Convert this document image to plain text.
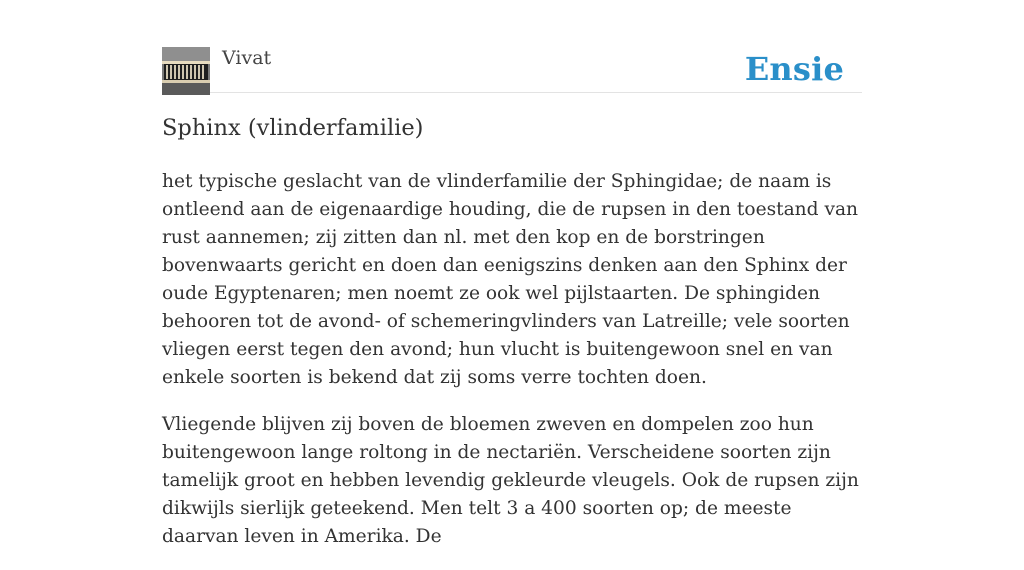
Vivat	Ensie
Sphinx (vlinderfamilie)

het typische geslacht van de vlinderfamilie der Sphingidae; de naam is ontleend aan de eigenaardige houding, die de rupsen in den toestand van rust aannemen; zij zitten dan nl. met den kop en de borstringen bovenwaarts gericht en doen dan eenigszins denken aan den Sphinx der oude Egyptenaren; men noemt ze ook wel pijlstaarten. De sphingiden behooren tot de avond- of schemeringvlinders van Latreille; vele soorten vliegen eerst tegen den avond; hun vlucht is buitengewoon snel en van enkele soorten is bekend dat zij soms verre tochten doen.

Vliegende blijven zij boven de bloemen zweven en dompelen zoo hun buitengewoon lange roltong in de nectariën. Verscheidene soorten zijn tamelijk groot en hebben levendig gekleurde vleugels. Ook de rupsen zijn dikwijls sierlijk geteekend. Men telt 3 a 400 soorten op; de meeste daarvan leven in Amerika. De
